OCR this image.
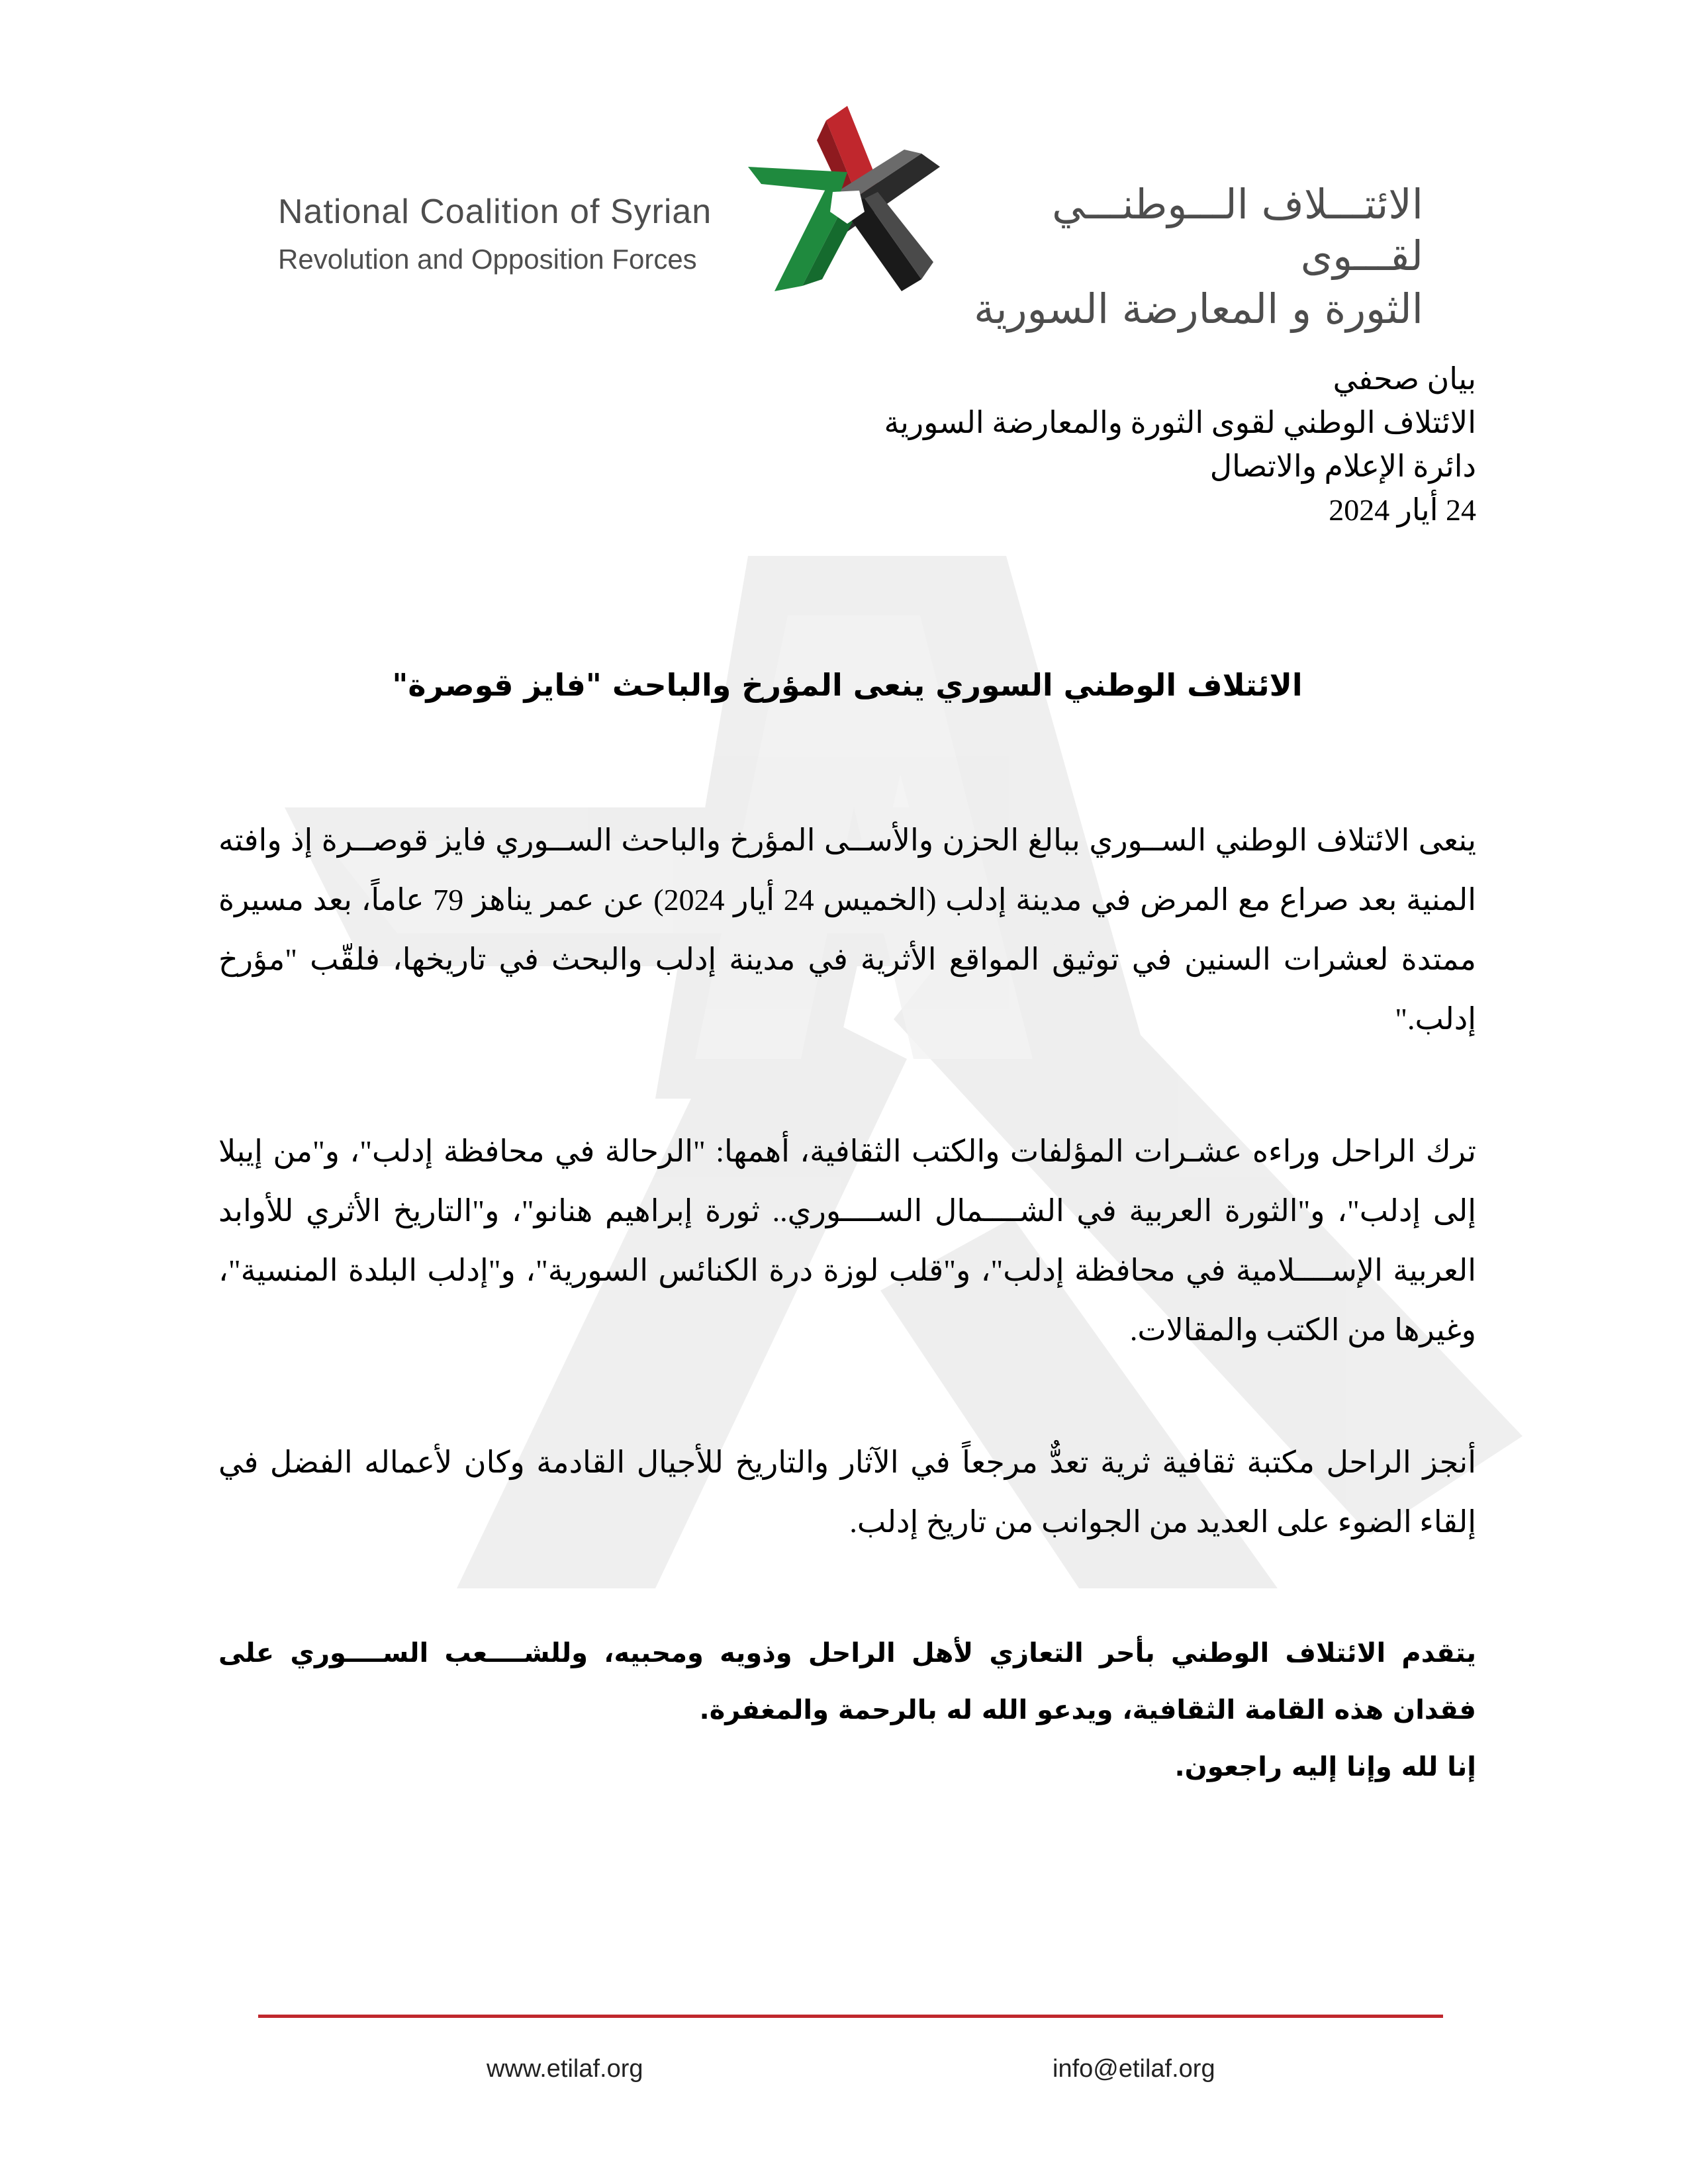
National Coalition of Syrian
Revolution and Opposition Forces
الائتـــلاف الـــوطنـــي لقـــوى
الثورة و المعارضة السورية
بيان صحفي
الائتلاف الوطني لقوى الثورة والمعارضة السورية
دائرة الإعلام والاتصال
24 أيار 2024
الائتلاف الوطني السوري ينعى المؤرخ والباحث "فايز قوصرة"

ينعى الائتلاف الوطني الســوري ببالغ الحزن والأســى المؤرخ والباحث الســوري فايز قوصــرة إذ وافته المنية بعد صراع مع المرض في مدينة إدلب (الخميس 24 أيار 2024) عن عمر يناهز 79 عاماً، بعد مسيرة ممتدة لعشرات السنين في توثيق المواقع الأثرية في مدينة إدلب والبحث في تاريخها، فلقّب "مؤرخ إدلب."

ترك الراحل وراءه عشـرات المؤلفات والكتب الثقافية، أهمها: "الرحالة في محافظة إدلب"، و"من إيبلا إلى إدلب"، و"الثورة العربية في الشــــمال الســــوري.. ثورة إبراهيم هنانو"، و"التاريخ الأثري للأوابد العربية الإســــلامية في محافظة إدلب"، و"قلب لوزة درة الكنائس السورية"، و"إدلب البلدة المنسية"، وغيرها من الكتب والمقالات.

أنجز الراحل مكتبة ثقافية ثرية تعدٌّ مرجعاً في الآثار والتاريخ للأجيال القادمة وكان لأعماله الفضل في إلقاء الضوء على العديد من الجوانب من تاريخ إدلب.

يتقدم الائتلاف الوطني بأحر التعازي لأهل الراحل وذويه ومحبيه، وللشــــعب الســــوري على فقدان هذه القامة الثقافية، ويدعو الله له بالرحمة والمغفرة.

إنا لله وإنا إليه راجعون.

www.etilaf.org	info@etilaf.org
